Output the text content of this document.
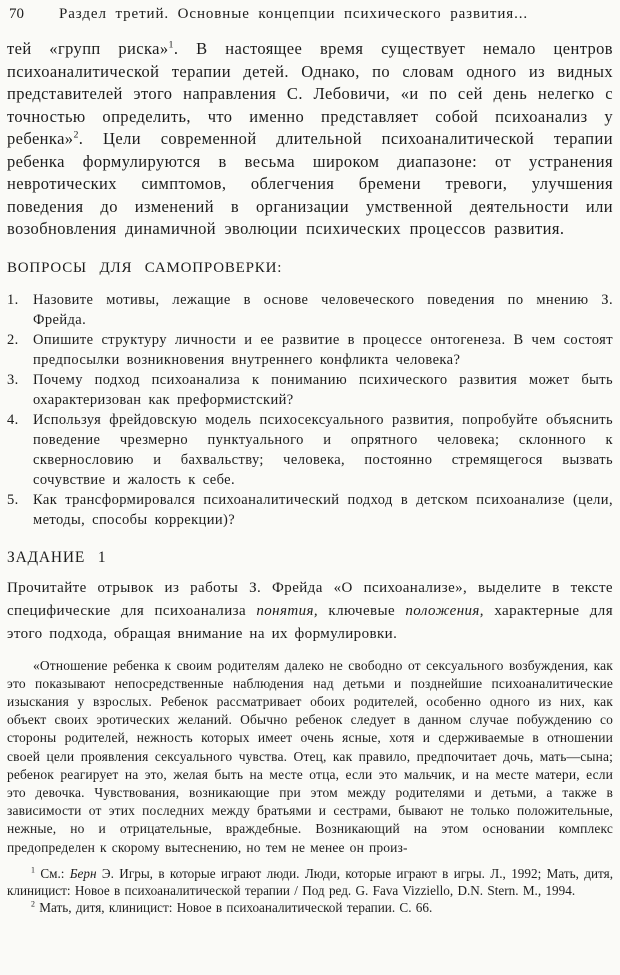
70 Раздел третий. Основные концепции психического развития...

тей «групп риска»$^1$. В настоящее время существует немало центров психоаналитической терапии детей. Однако, по словам одного из видных представителей этого направления С. Лебовичи, «и по сей день нелегко с точностью определить, что именно представляет собой психоанализ у ребенка»$^2$. Цели современной длительной психоаналитической терапии ребенка формулируются в весьма широком диапазоне: от устранения невротических симптомов, облегчения бремени тревоги, улучшения поведения до изменений в организации умственной деятельности или возобновления динамичной эволюции психических процессов развития.

ВОПРОСЫ ДЛЯ САМОПРОВЕРКИ:
1. Назовите мотивы, лежащие в основе человеческого поведения по мнению З. Фрейда.
2. Опишите структуру личности и ее развитие в процессе онтогенеза. В чем состоят предпосылки возникновения внутреннего конфликта человека?
3. Почему подход психоанализа к пониманию психического развития может быть охарактеризован как преформистский?
4. Используя фрейдовскую модель психосексуального развития, попробуйте объяснить поведение чрезмерно пунктуального и опрятного человека; склонного к сквернословию и бахвальству; человека, постоянно стремящегося вызвать сочувствие и жалость к себе.
5. Как трансформировался психоаналитический подход в детском психоанализе (цели, методы, способы коррекции)?
ЗАДАНИЕ 1

Прочитайте отрывок из работы З. Фрейда «О психоанализе», выделите в тексте специфические для психоанализа понятия, ключевые положения, характерные для этого подхода, обращая внимание на их формулировки.

«Отношение ребенка к своим родителям далеко не свободно от сексуального возбуждения, как это показывают непосредственные наблюдения над детьми и позднейшие психоаналитические изыскания у взрослых. Ребенок рассматривает обоих родителей, особенно одного из них, как объект своих эротических желаний. Обычно ребенок следует в данном случае побуждению со стороны родителей, нежность которых имеет очень ясные, хотя и сдерживаемые в отношении своей цели проявления сексуального чувства. Отец, как правило, предпочитает дочь, мать—сына; ребенок реагирует на это, желая быть на месте отца, если это мальчик, и на месте матери, если это девочка. Чувствования, возникающие при этом между родителями и детьми, а также в зависимости от этих последних между братьями и сестрами, бывают не только положительные, нежные, но и отрицательные, враждебные. Возникающий на этом основании комплекс предопределен к скорому вытеснению, но тем не менее он произ-

$^1$ См.: Берн Э. Игры, в которые играют люди. Люди, которые играют в игры. Л., 1992; Мать, дитя, клиницист: Новое в психоаналитической терапии / Под ред. G. Fava Vizziello, D.N. Stern. М., 1994.

$^2$ Мать, дитя, клиницист: Новое в психоаналитической терапии. С. 66.
